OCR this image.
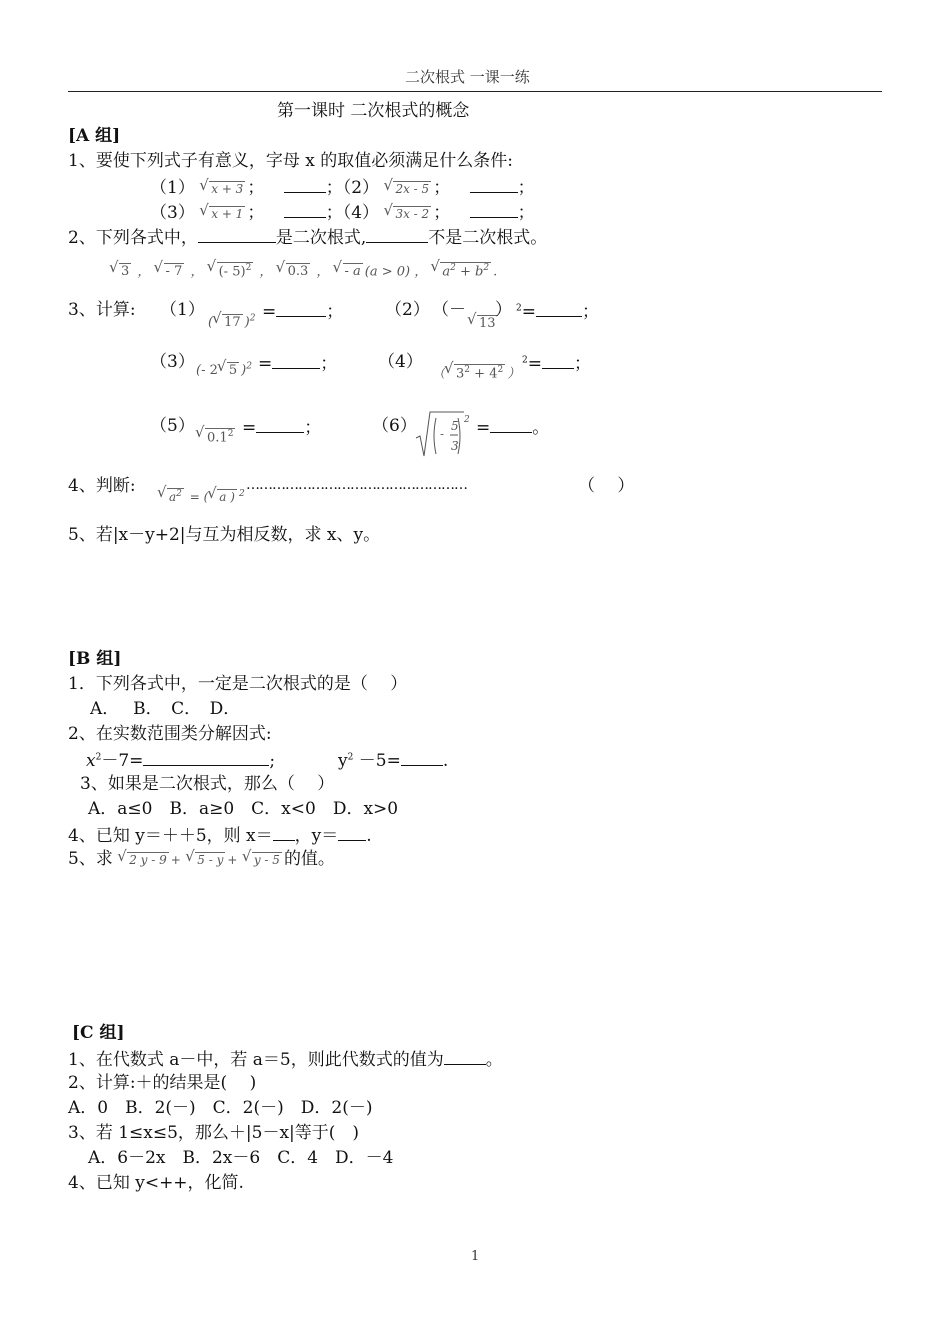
二次根式 一课一练
第一课时 二次根式的概念
[A 组]
1、要使下列式子有意义，字母 x 的取值必须满足什么条件:
（1） √ x + 3 ；	；（2） √ 2x - 5 ；	；
（3） √ x + 1 ；	；（4） √ 3x - 2 ；	；
2、下列各式中，	是二次根式,	不是二次根式。
√ 3 ， √ - 7 ， √ (- 5)$^2$ ， √ 0.3 ， √ - a (a > 0) ， √ $a^2 + b^2$ .
3、计算: （1）
( √ 17 )$^2$ =	； （2） （－
√ 13
） $^2$=	；
（3） (- 2 √ 5 )$^2$ =	； （4）
（ √ $3^2 + 4^2$ ）
$^2$= ；
（5）
√ $0.1^2$ =	；	（6） -
5
3
2 = 。
4、判断:
√ $a^2$ = ( √ a ) $^2$
……………………………………………	（　 ）
5、若|x－y+2|与互为相反数，求 x、y。
[B 组]
1．下列各式中，一定是二次根式的是（　 ）
A．　 B．　C．　D．
2、在实数范围类分解因式:
$x^2-7=$	;	$y^2 -5=$ .
3、如果是二次根式，那么（　 ）
A．a≤0　B．a≥0　C．x<0　D．x>0
4、已知 y＝＋＋5，则 x＝ ，y＝ .
5、求 √ 2 y - 9 + √ 5 - y + √ y - 5 的值。
[C 组]
1、在代数式 a－中，若 a＝5，则此代数式的值为 。
2、计算:＋的结果是(　 )
A．0　B．2(－)　C．2(－)　D．2(－)
3、若 1≤x≤5，那么＋|5－x|等于(　)
A．6－2x　B．2x－6　C．4　D．－4
4、已知 y<++，化简.
1
